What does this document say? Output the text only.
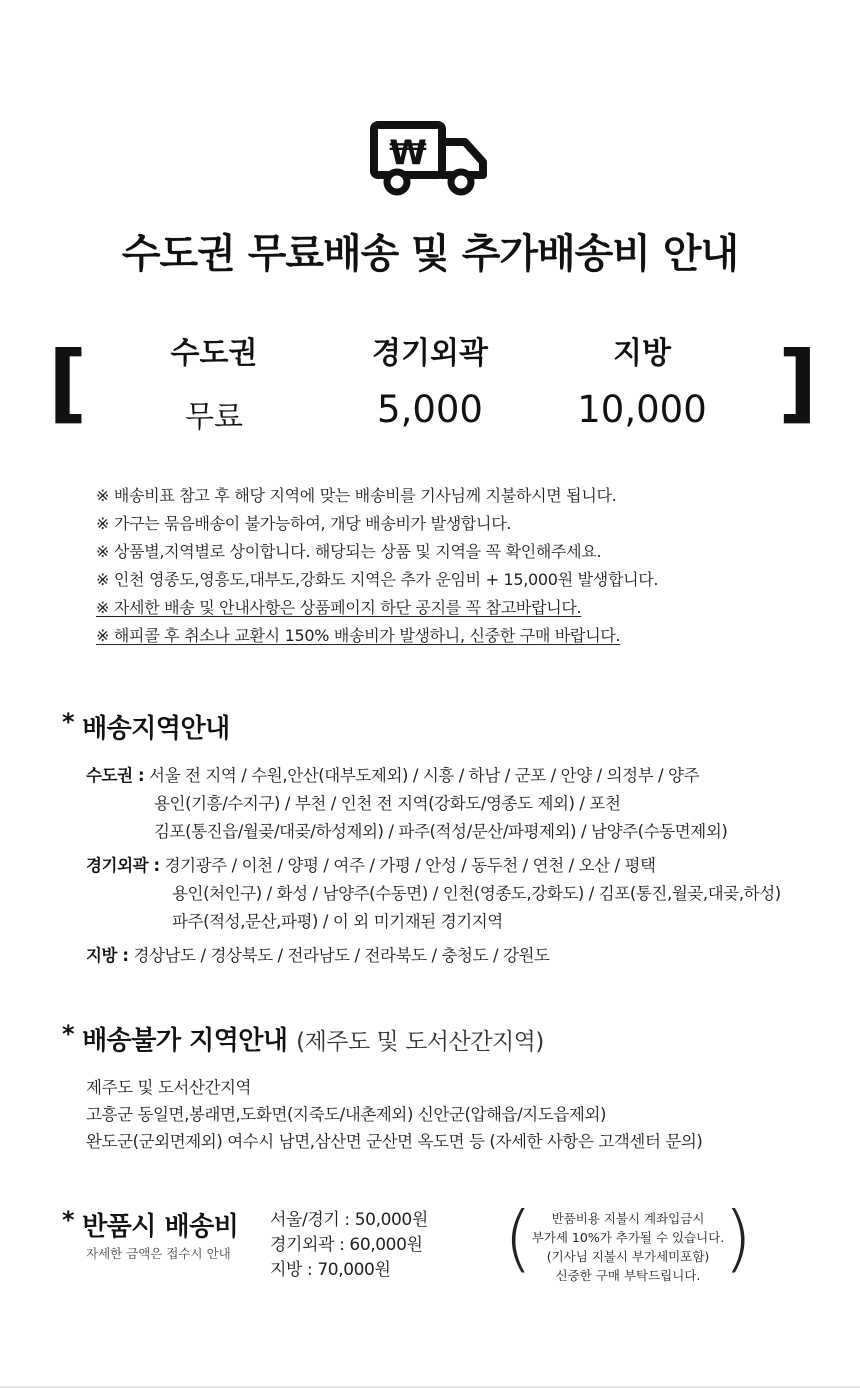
₩
수도권 무료배송 및 추가배송비 안내
[	]
수도권	경기외곽	지방
무료	5,000	10,000
※ 배송비표 참고 후 해당 지역에 맞는 배송비를 기사님께 지불하시면 됩니다.
※ 가구는 묶음배송이 불가능하여, 개당 배송비가 발생합니다.
※ 상품별,지역별로 상이합니다. 해당되는 상품 및 지역을 꼭 확인해주세요.
※ 인천 영종도,영흥도,대부도,강화도 지역은 추가 운임비 + 15,000원 발생합니다.
※ 자세한 배송 및 안내사항은 상품페이지 하단 공지를 꼭 참고바랍니다.
※ 해피콜 후 취소나 교환시 150% 배송비가 발생하니, 신중한 구매 바랍니다.
* 배송지역안내
수도권 : 서울 전 지역 / 수원,안산(대부도제외) / 시흥 / 하남 / 군포 / 안양 / 의정부 / 양주
용인(기흥/수지구) / 부천 / 인천 전 지역(강화도/영종도 제외) / 포천
김포(통진읍/월곶/대곶/하성제외) / 파주(적성/문산/파평제외) / 남양주(수동면제외)
경기외곽 : 경기광주 / 이천 / 양평 / 여주 / 가평 / 안성 / 동두천 / 연천 / 오산 / 평택
용인(처인구) / 화성 / 남양주(수동면) / 인천(영종도,강화도) / 김포(통진,월곶,대곶,하성)
파주(적성,문산,파평) / 이 외 미기재된 경기지역
지방 : 경상남도 / 경상북도 / 전라남도 / 전라북도 / 충청도 / 강원도
* 배송불가 지역안내 (제주도 및 도서산간지역)
제주도 및 도서산간지역
고흥군 동일면,봉래면,도화면(지죽도/내촌제외) 신안군(압해읍/지도읍제외)
완도군(군외면제외) 여수시 남면,삼산면 군산면 옥도면 등 (자세한 사항은 고객센터 문의)
* 반품시 배송비
자세한 금액은 접수시 안내
서울/경기 : 50,000원
경기외곽 : 60,000원
지방 : 70,000원	(	반품비용 지불시 계좌입금시
부가세 10%가 추가될 수 있습니다.
(기사님 지불시 부가세미포함)
신중한 구매 부탁드립니다. )
